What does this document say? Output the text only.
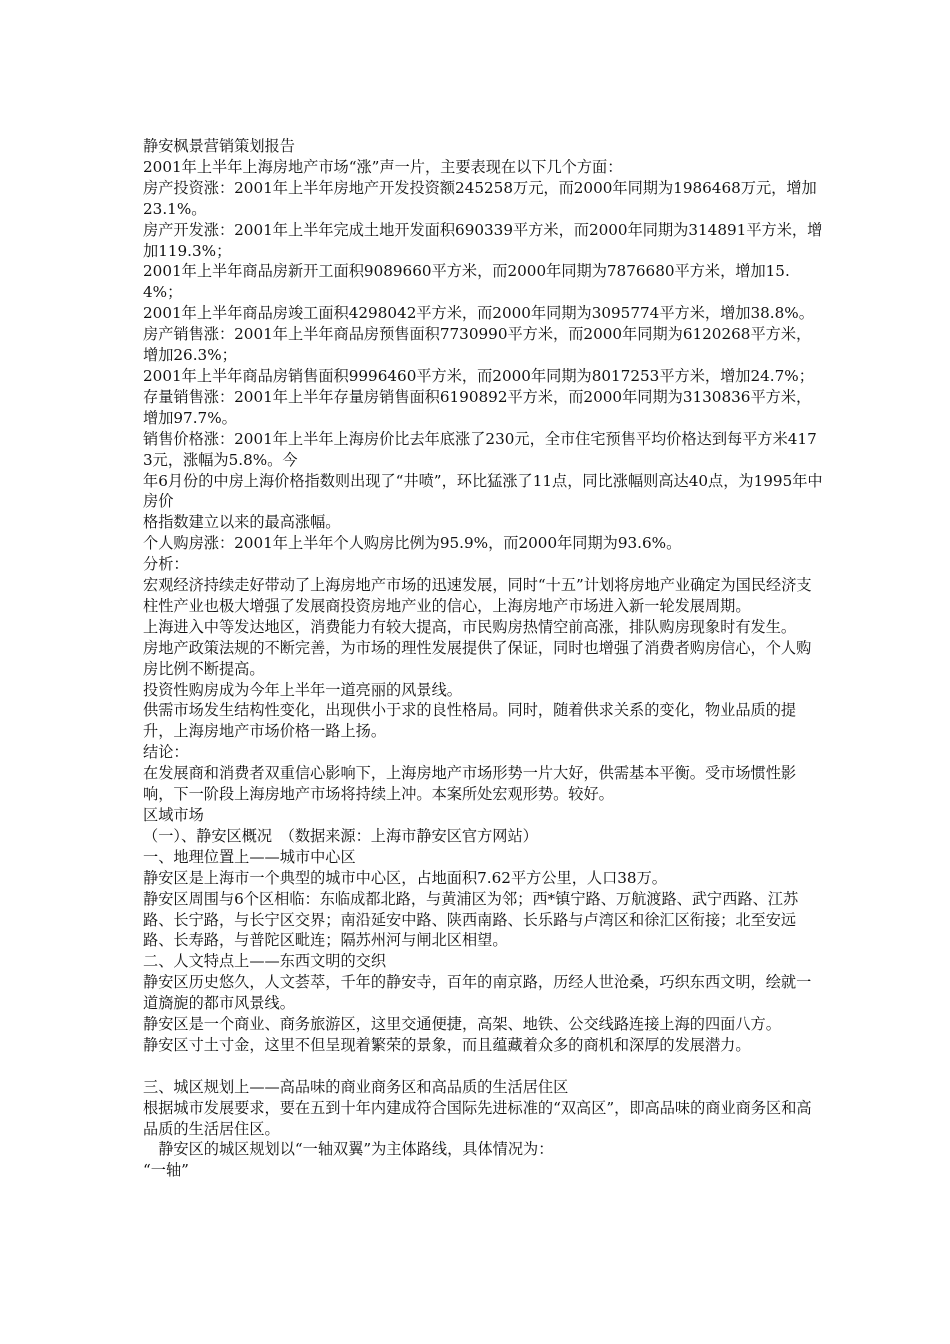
静安枫景营销策划报告

2001年上半年上海房地产市场“涨”声一片，主要表现在以下几个方面：

房产投资涨：2001年上半年房地产开发投资额245258万元，而2000年同期为1986468万元，增加23.1%。

房产开发涨：2001年上半年完成土地开发面积690339平方米，而2000年同期为314891平方米，增加119.3%；

2001年上半年商品房新开工面积9089660平方米，而2000年同期为7876680平方米，增加15.4%；

2001年上半年商品房竣工面积4298042平方米，而2000年同期为3095774平方米，增加38.8%。

房产销售涨：2001年上半年商品房预售面积7730990平方米，而2000年同期为6120268平方米，增加26.3%；

2001年上半年商品房销售面积9996460平方米，而2000年同期为8017253平方米，增加24.7%；

存量销售涨：2001年上半年存量房销售面积6190892平方米，而2000年同期为3130836平方米，增加97.7%。

销售价格涨：2001年上半年上海房价比去年底涨了230元，全市住宅预售平均价格达到每平方米4173元，涨幅为5.8%。今

年6月份的中房上海价格指数则出现了“井喷”，环比猛涨了11点，同比涨幅则高达40点，为1995年中房价

格指数建立以来的最高涨幅。

个人购房涨：2001年上半年个人购房比例为95.9%，而2000年同期为93.6%。

分析：

宏观经济持续走好带动了上海房地产市场的迅速发展，同时“十五”计划将房地产业确定为国民经济支柱性产业也极大增强了发展商投资房地产业的信心，上海房地产市场进入新一轮发展周期。

上海进入中等发达地区，消费能力有较大提高，市民购房热情空前高涨，排队购房现象时有发生。

房地产政策法规的不断完善，为市场的理性发展提供了保证，同时也增强了消费者购房信心，个人购房比例不断提高。

投资性购房成为今年上半年一道亮丽的风景线。

供需市场发生结构性变化，出现供小于求的良性格局。同时，随着供求关系的变化，物业品质的提升，上海房地产市场价格一路上扬。

结论：

在发展商和消费者双重信心影响下，上海房地产市场形势一片大好，供需基本平衡。受市场惯性影响，下一阶段上海房地产市场将持续上冲。本案所处宏观形势。较好。

区域市场

（一）、静安区概况　（数据来源：上海市静安区官方网站）

一、地理位置上——城市中心区

静安区是上海市一个典型的城市中心区，占地面积7.62平方公里，人口38万。

静安区周围与6个区相临：东临成都北路，与黄浦区为邻；西*镇宁路、万航渡路、武宁西路、江苏路、长宁路，与长宁区交界；南沿延安中路、陕西南路、长乐路与卢湾区和徐汇区衔接；北至安远路、长寿路，与普陀区毗连；隔苏州河与闸北区相望。

二、人文特点上——东西文明的交织

静安区历史悠久，人文荟萃，千年的静安寺，百年的南京路，历经人世沧桑，巧织东西文明，绘就一道旖旎的都市风景线。

静安区是一个商业、商务旅游区，这里交通便捷，高架、地铁、公交线路连接上海的四面八方。

静安区寸土寸金，这里不但呈现着繁荣的景象，而且蕴藏着众多的商机和深厚的发展潜力。

三、城区规划上——高品味的商业商务区和高品质的生活居住区

根据城市发展要求，要在五到十年内建成符合国际先进标准的“双高区”，即高品味的商业商务区和高品质的生活居住区。

　静安区的城区规划以“一轴双翼”为主体路线，具体情况为：

“一轴”
